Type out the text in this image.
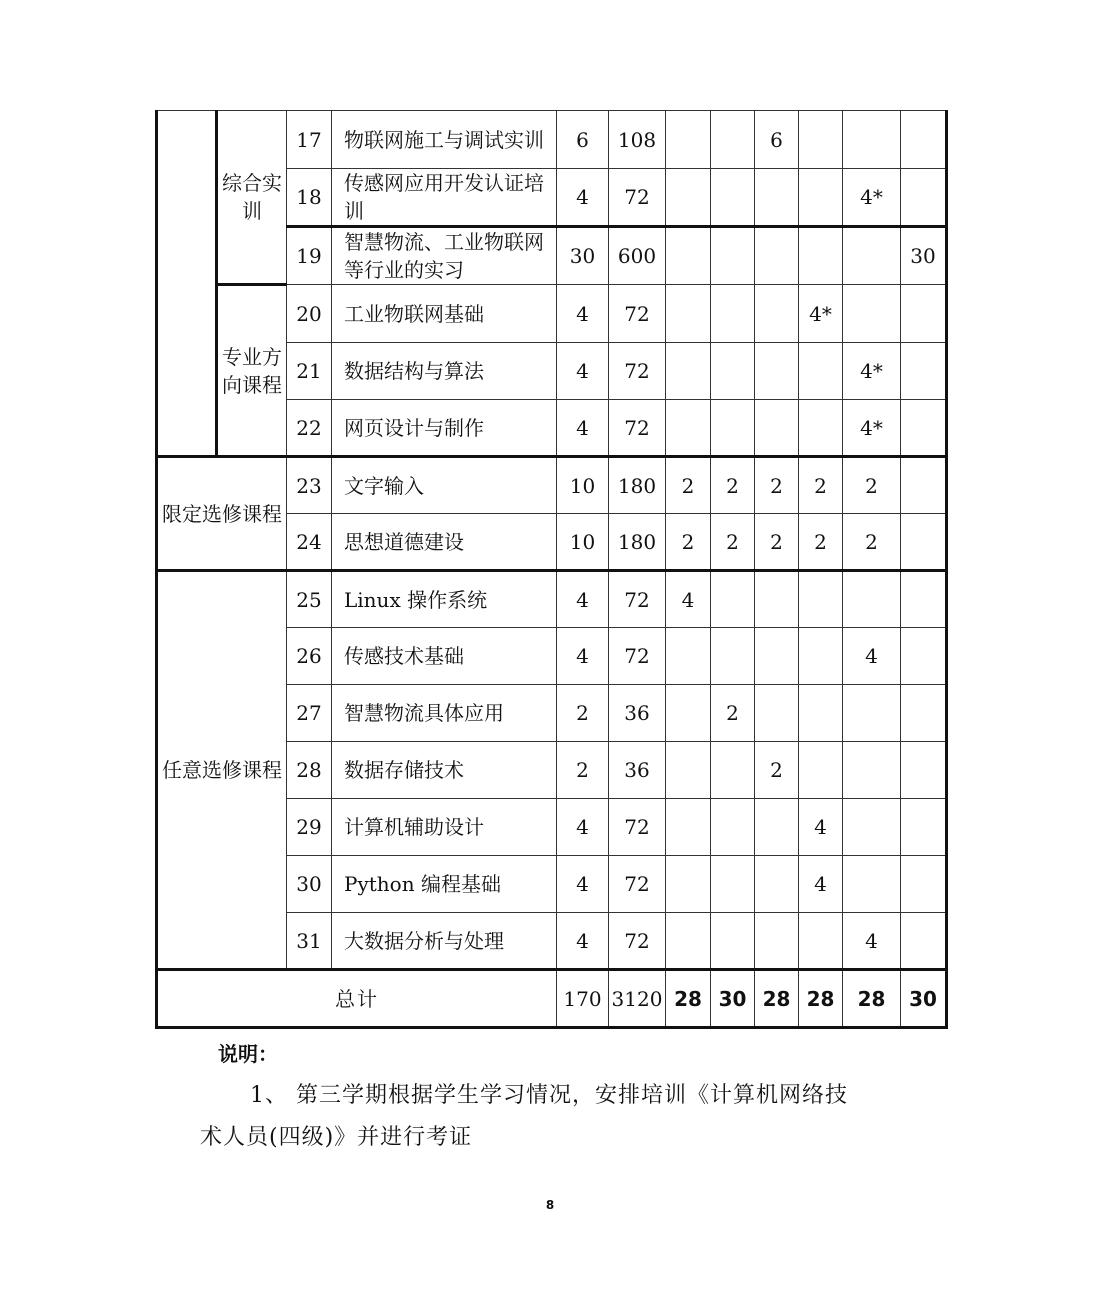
	综合实训	17	物联网施工与调试实训	6	108			6			
		18	传感网应用开发认证培训	4	72					4*	
		19	智慧物流、工业物联网等行业的实习	30	600						30
	专业方向课程	20	工业物联网基础	4	72				4*		
		21	数据结构与算法	4	72					4*	
		22	网页设计与制作	4	72					4*	
限定选修课程		23	文字输入	10	180	2	2	2	2	2	
		24	思想道德建设	10	180	2	2	2	2	2	
任意选修课程		25	Linux 操作系统	4	72	4					
		26	传感技术基础	4	72					4	
		27	智慧物流具体应用	2	36		2				
		28	数据存储技术	2	36			2			
		29	计算机辅助设计	4	72				4		
		30	Python 编程基础	4	72				4		
		31	大数据分析与处理	4	72					4	
总计				170	3120	28	30	28	28	28	30
说明：
1、 第三学期根据学生学习情况，安排培训《计算机网络技
术人员(四级)》并进行考证
8
